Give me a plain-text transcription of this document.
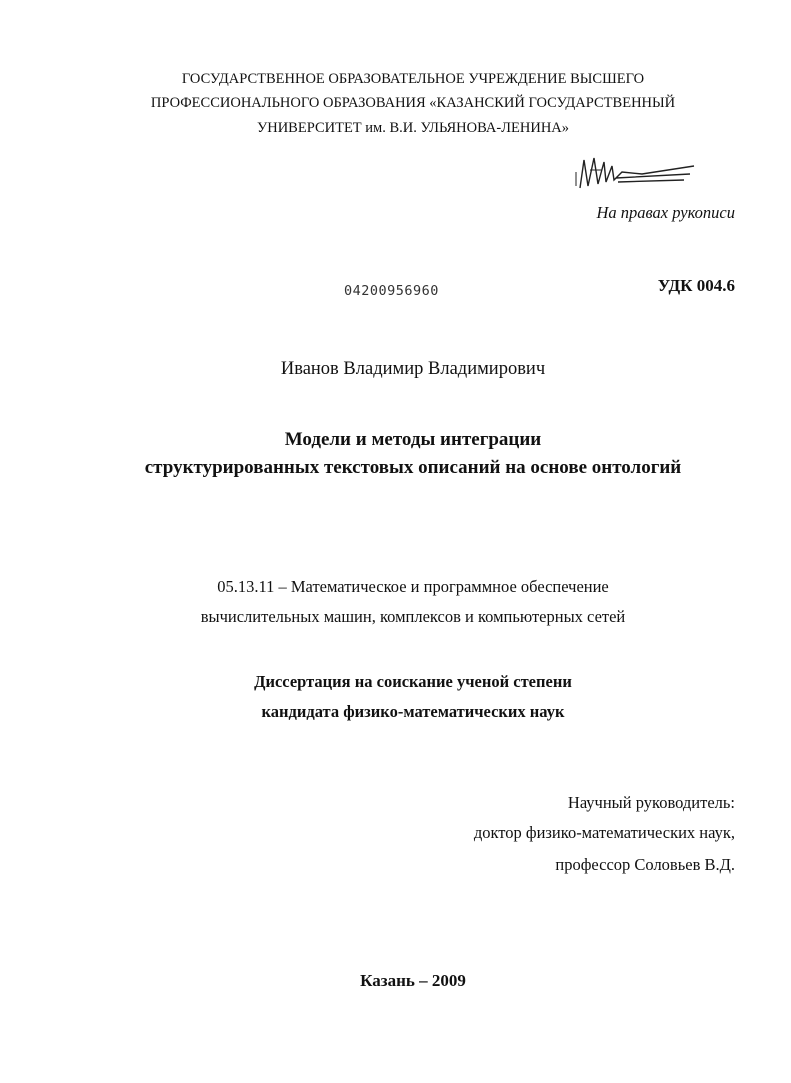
ГОСУДАРСТВЕННОЕ ОБРАЗОВАТЕЛЬНОЕ УЧРЕЖДЕНИЕ ВЫСШЕГО
ПРОФЕССИОНАЛЬНОГО ОБРАЗОВАНИЯ «КАЗАНСКИЙ ГОСУДАРСТВЕННЫЙ
УНИВЕРСИТЕТ им. В.И. УЛЬЯНОВА-ЛЕНИНА»
На правах рукописи
04200956960	УДК 004.6
Иванов Владимир Владимирович
Модели и методы интеграции
структурированных текстовых описаний на основе онтологий
05.13.11 – Математическое и программное обеспечение
вычислительных машин, комплексов и компьютерных сетей
Диссертация на соискание ученой степени
кандидата физико-математических наук
Научный руководитель:
доктор физико-математических наук,
профессор Соловьев В.Д.
Казань – 2009
